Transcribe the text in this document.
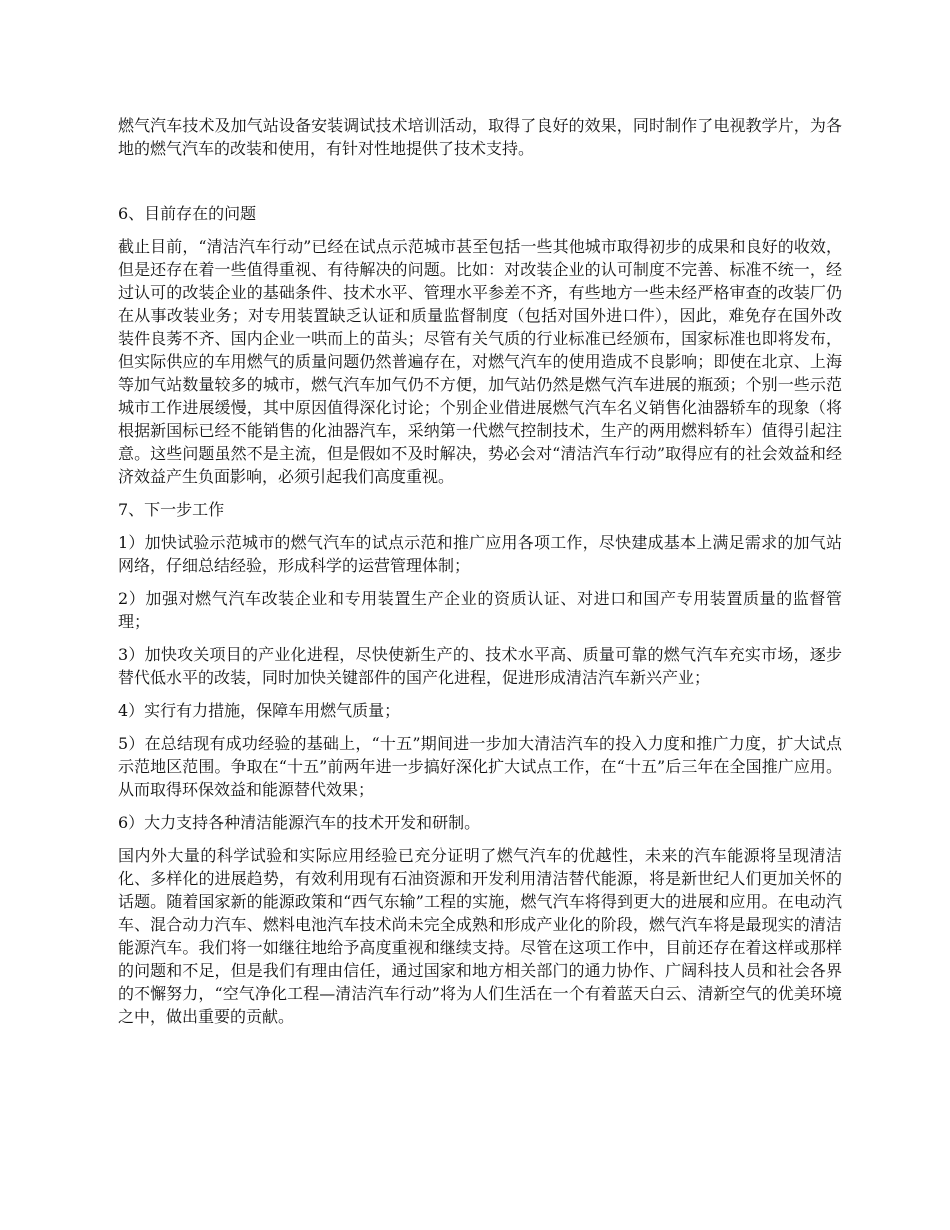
燃气汽车技术及加气站设备安装调试技术培训活动，取得了良好的效果，同时制作了电视教学片，为各地的燃气汽车的改装和使用，有针对性地提供了技术支持。

6、目前存在的问题

截止目前，“清洁汽车行动”已经在试点示范城市甚至包括一些其他城市取得初步的成果和良好的收效，但是还存在着一些值得重视、有待解决的问题。比如：对改装企业的认可制度不完善、标准不统一，经过认可的改装企业的基础条件、技术水平、管理水平参差不齐，有些地方一些未经严格审查的改装厂仍在从事改装业务；对专用装置缺乏认证和质量监督制度（包括对国外进口件），因此，难免存在国外改装件良莠不齐、国内企业一哄而上的苗头；尽管有关气质的行业标准已经颁布，国家标准也即将发布，但实际供应的车用燃气的质量问题仍然普遍存在，对燃气汽车的使用造成不良影响；即使在北京、上海等加气站数量较多的城市，燃气汽车加气仍不方便，加气站仍然是燃气汽车进展的瓶颈；个别一些示范城市工作进展缓慢，其中原因值得深化讨论；个别企业借进展燃气汽车名义销售化油器轿车的现象（将根据新国标已经不能销售的化油器汽车，采纳第一代燃气控制技术，生产的两用燃料轿车）值得引起注意。这些问题虽然不是主流，但是假如不及时解决，势必会对“清洁汽车行动”取得应有的社会效益和经济效益产生负面影响，必须引起我们高度重视。

7、下一步工作

1）加快试验示范城市的燃气汽车的试点示范和推广应用各项工作，尽快建成基本上满足需求的加气站网络，仔细总结经验，形成科学的运营管理体制；

2）加强对燃气汽车改装企业和专用装置生产企业的资质认证、对进口和国产专用装置质量的监督管理；

3）加快攻关项目的产业化进程，尽快使新生产的、技术水平高、质量可靠的燃气汽车充实市场，逐步替代低水平的改装，同时加快关键部件的国产化进程，促进形成清洁汽车新兴产业；

4）实行有力措施，保障车用燃气质量；

5）在总结现有成功经验的基础上，“十五”期间进一步加大清洁汽车的投入力度和推广力度，扩大试点示范地区范围。争取在“十五”前两年进一步搞好深化扩大试点工作，在“十五”后三年在全国推广应用。从而取得环保效益和能源替代效果；

6）大力支持各种清洁能源汽车的技术开发和研制。

国内外大量的科学试验和实际应用经验已充分证明了燃气汽车的优越性，未来的汽车能源将呈现清洁化、多样化的进展趋势，有效利用现有石油资源和开发利用清洁替代能源，将是新世纪人们更加关怀的话题。随着国家新的能源政策和“西气东输”工程的实施，燃气汽车将得到更大的进展和应用。在电动汽车、混合动力汽车、燃料电池汽车技术尚未完全成熟和形成产业化的阶段，燃气汽车将是最现实的清洁能源汽车。我们将一如继往地给予高度重视和继续支持。尽管在这项工作中，目前还存在着这样或那样的问题和不足，但是我们有理由信任，通过国家和地方相关部门的通力协作、广阔科技人员和社会各界的不懈努力，“空气净化工程—清洁汽车行动”将为人们生活在一个有着蓝天白云、清新空气的优美环境之中，做出重要的贡献。
